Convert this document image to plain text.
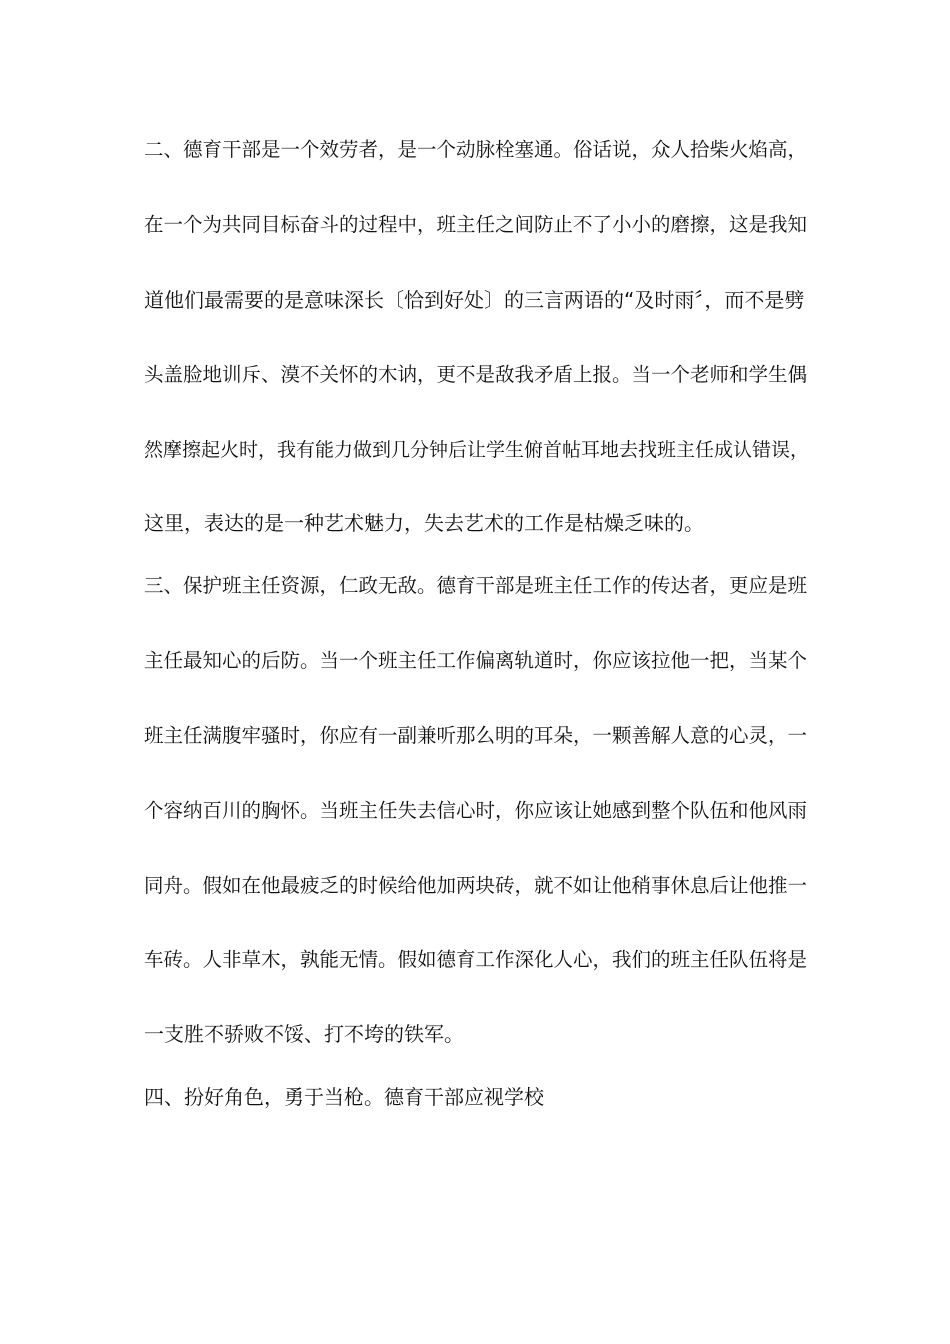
二、德育干部是一个效劳者，是一个动脉栓塞通。俗话说，众人拾柴火焰高，
在一个为共同目标奋斗的过程中，班主任之间防止不了小小的磨擦，这是我知
道他们最需要的是意味深长〔恰到好处〕的三言两语的“及时雨〞，而不是劈
头盖脸地训斥、漠不关怀的木讷，更不是敌我矛盾上报。当一个老师和学生偶
然摩擦起火时，我有能力做到几分钟后让学生俯首帖耳地去找班主任成认错误，
这里，表达的是一种艺术魅力，失去艺术的工作是枯燥乏味的。
三、保护班主任资源，仁政无敌。德育干部是班主任工作的传达者，更应是班
主任最知心的后防。当一个班主任工作偏离轨道时，你应该拉他一把，当某个
班主任满腹牢骚时，你应有一副兼听那么明的耳朵，一颗善解人意的心灵，一
个容纳百川的胸怀。当班主任失去信心时，你应该让她感到整个队伍和他风雨
同舟。假如在他最疲乏的时候给他加两块砖，就不如让他稍事休息后让他推一
车砖。人非草木，孰能无情。假如德育工作深化人心，我们的班主任队伍将是
一支胜不骄败不馁、打不垮的铁军。
四、扮好角色，勇于当枪。德育干部应视学校
